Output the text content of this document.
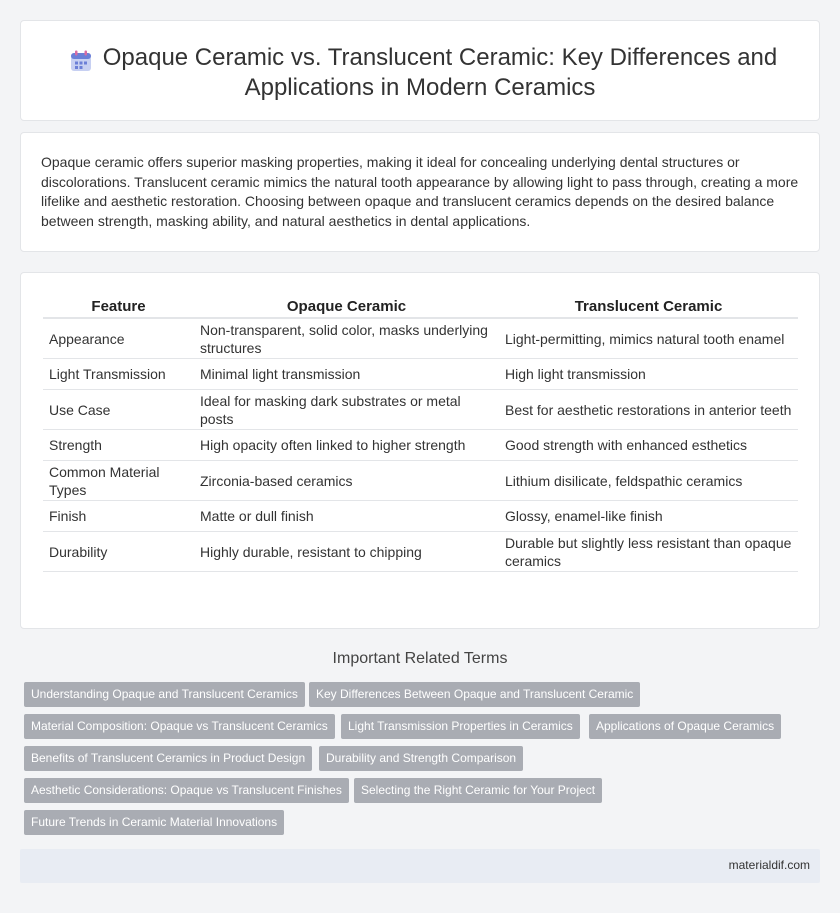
Opaque Ceramic vs. Translucent Ceramic: Key Differences and
Applications in Modern Ceramics

Opaque ceramic offers superior masking properties, making it ideal for concealing underlying dental structures or discolorations. Translucent ceramic mimics the natural tooth appearance by allowing light to pass through, creating a more lifelike and aesthetic restoration. Choosing between opaque and translucent ceramics depends on the desired balance between strength, masking ability, and natural aesthetics in dental applications.

Feature	Opaque Ceramic	Translucent Ceramic
Appearance	Non-transparent, solid color, masks underlying structures	Light-permitting, mimics natural tooth enamel
Light Transmission	Minimal light transmission	High light transmission
Use Case	Ideal for masking dark substrates or metal posts	Best for aesthetic restorations in anterior teeth
Strength	High opacity often linked to higher strength	Good strength with enhanced esthetics
Common Material Types	Zirconia-based ceramics	Lithium disilicate, feldspathic ceramics
Finish	Matte or dull finish	Glossy, enamel-like finish
Durability	Highly durable, resistant to chipping	Durable but slightly less resistant than opaque ceramics
Important Related Terms
Understanding Opaque and Translucent Ceramics	Key Differences Between Opaque and Translucent Ceramic
Material Composition: Opaque vs Translucent Ceramics	Light Transmission Properties in Ceramics	Applications of Opaque Ceramics
Benefits of Translucent Ceramics in Product Design	Durability and Strength Comparison
Aesthetic Considerations: Opaque vs Translucent Finishes	Selecting the Right Ceramic for Your Project
Future Trends in Ceramic Material Innovations
materialdif.com
